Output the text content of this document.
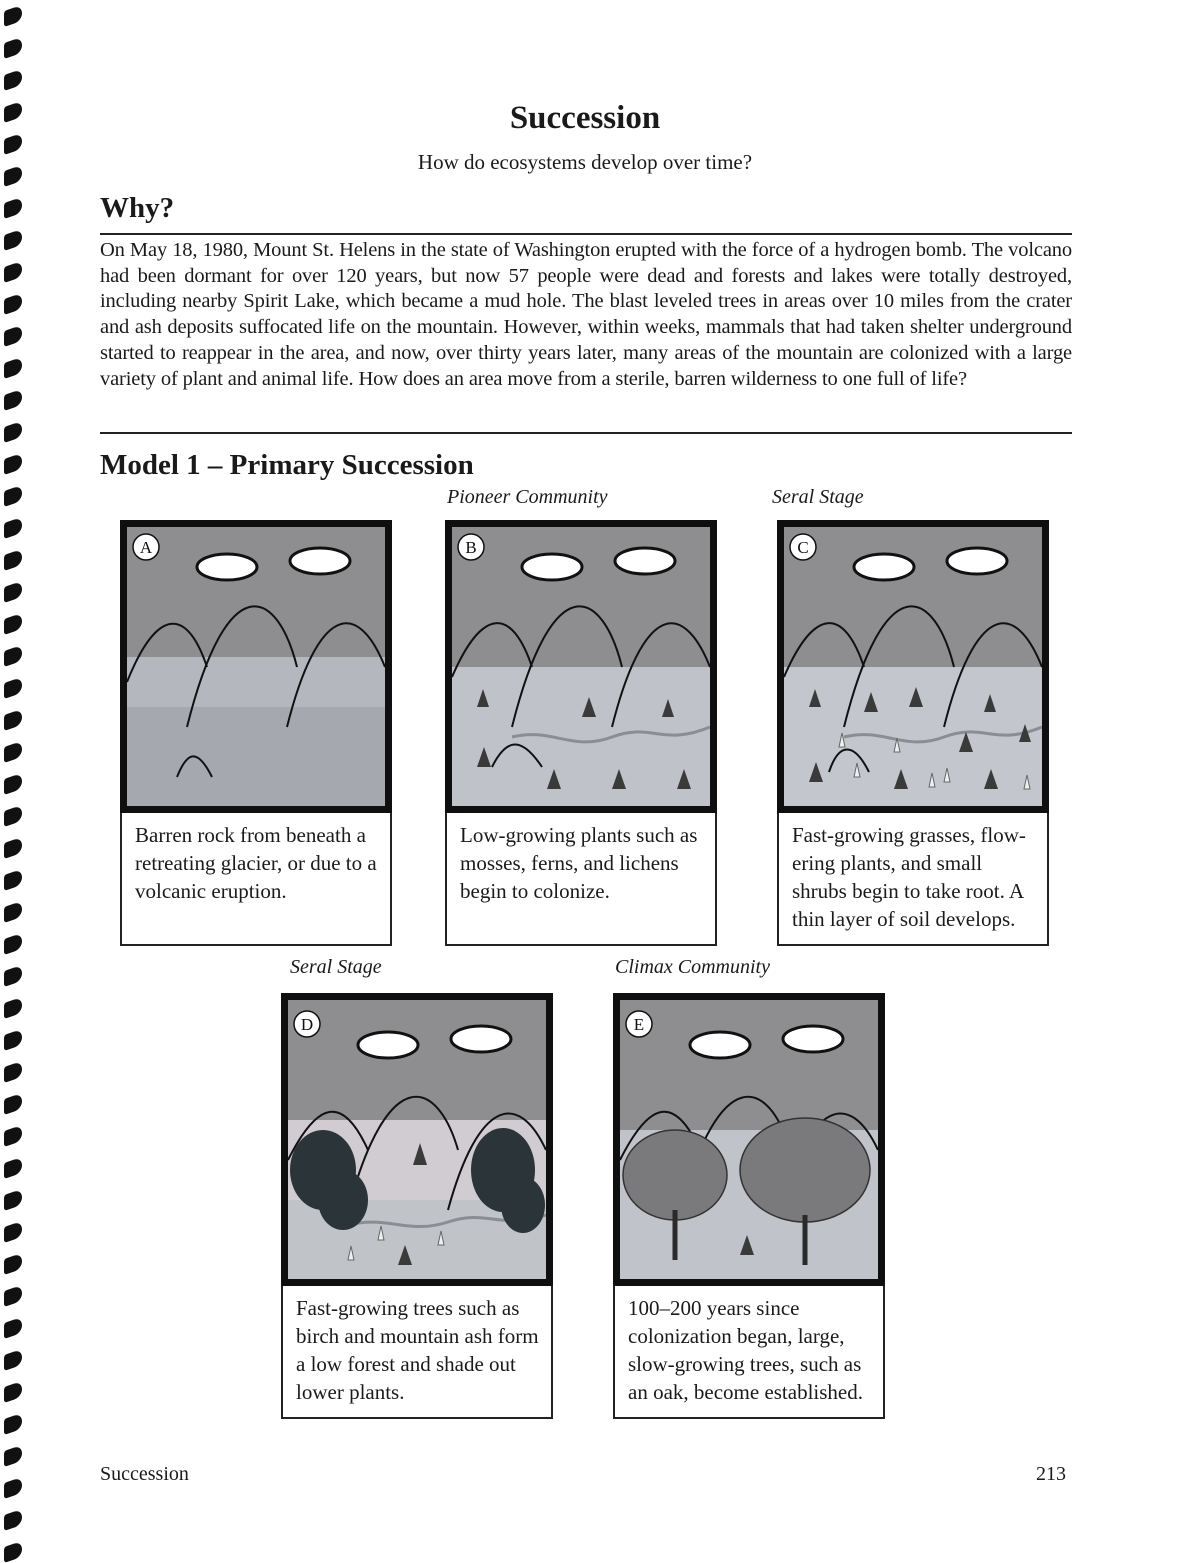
Succession
How do ecosystems develop over time?
Why?
On May 18, 1980, Mount St. Helens in the state of Washington erupted with the force of a hydrogen bomb. The volcano had been dormant for over 120 years, but now 57 people were dead and forests and lakes were totally destroyed, including nearby Spirit Lake, which became a mud hole. The blast leveled trees in areas over 10 miles from the crater and ash deposits suffocated life on the mountain. However, within weeks, mammals that had taken shelter underground started to reappear in the area, and now, over thirty years later, many areas of the mountain are colonized with a large variety of plant and animal life. How does an area move from a sterile, barren wilderness to one full of life?
Model 1 – Primary Succession
Pioneer Community	Seral Stage
Seral Stage	Climax Community
A
Barren rock from beneath a retreating glacier, or due to a volcanic eruption.
B
Low-growing plants such as mosses, ferns, and lichens begin to colonize.
C
Fast-growing grasses, flowering plants, and small shrubs begin to take root. A thin layer of soil develops.
D
Fast-growing trees such as birch and mountain ash form a low forest and shade out lower plants.
E
100–200 years since colonization began, large, slow-growing trees, such as an oak, become established.
Succession	213
